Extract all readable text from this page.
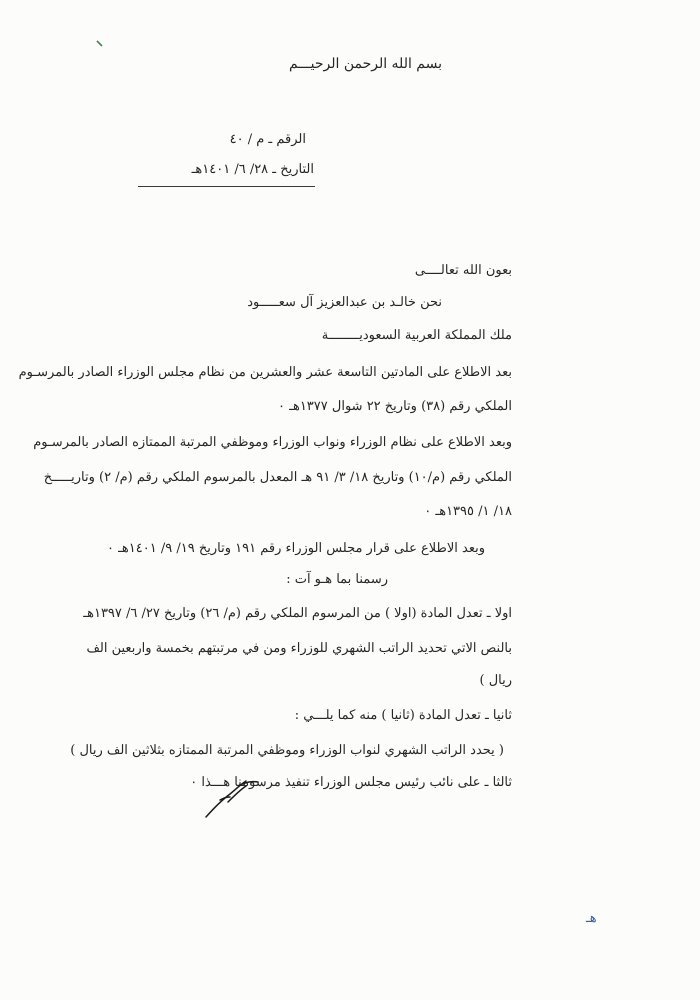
بسم الله الرحمن الرحيـــم
الرقم ـ م / ٤٠
التاريخ ـ ٢٨/ ٦/ ١٤٠١هـ
بعون الله تعالــــى
نحن خالـد بن عبدالعزيز آل سعـــــود
ملك المملكة العربية السعوديــــــــة
بعد الاطلاع على المادتين التاسعة عشر والعشرين من نظام مجلس الوزراء الصادر بالمرسـوم
الملكي رقم (٣٨) وتاريخ ٢٢ شوال ١٣٧٧هـ ٠
وبعد الاطلاع على نظام الوزراء ونواب الوزراء وموظفي المرتبة الممتازه الصادر بالمرسـوم
الملكي رقم (م/١٠) وتاريخ ١٨/ ٣/ ٩١ هـ المعدل بالمرسوم الملكي رقم (م/ ٢) وتاريـــــخ
١٨/ ١/ ١٣٩٥هـ ٠
وبعد الاطلاع على قرار مجلس الوزراء رقم ١٩١ وتاريخ ١٩/ ٩/ ١٤٠١هـ ٠
رسمنا بما هـو آت :
اولا ـ تعدل المادة (اولا ) من المرسوم الملكي رقم (م/ ٢٦) وتاريخ ٢٧/ ٦/ ١٣٩٧هـ
بالنص الاتي تحديد الراتب الشهري للوزراء ومن في مرتبتهم بخمسة واربعين الف
ريال )
ثانيا ـ تعدل المادة (ثانيا ) منه كما يلـــي :
( يحدد الراتب الشهري لنواب الوزراء وموظفي المرتبة الممتازه بثلاثين الف ريال )
ثالثا ـ على نائب رئيس مجلس الوزراء تنفيذ مرسومنا هـــذا ٠
هـ
